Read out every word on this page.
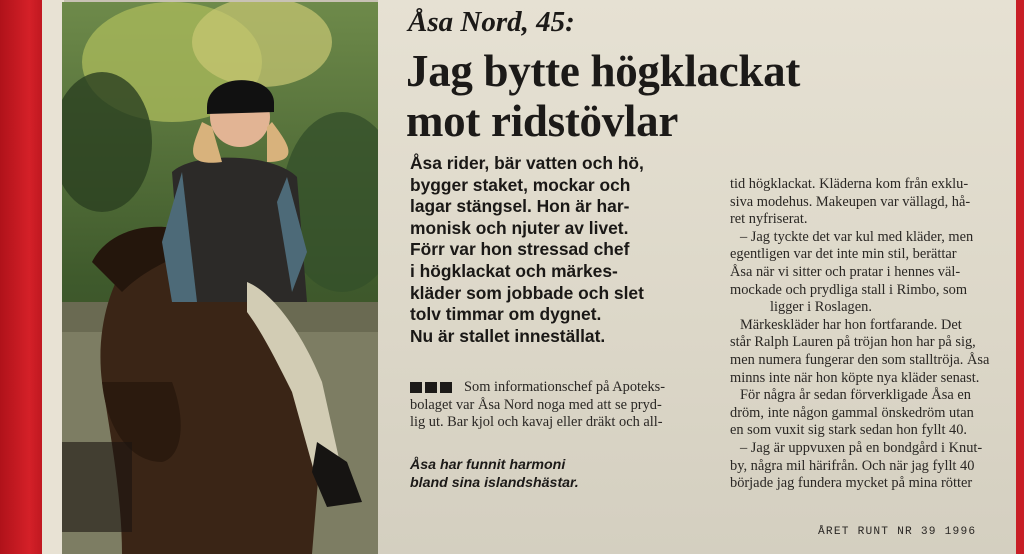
Åsa Nord, 45:
Jag bytte högklackat
mot ridstövlar
Åsa rider, bär vatten och hö,
bygger staket, mockar och
lagar stängsel. Hon är har-
monisk och njuter av livet.
Förr var hon stressad chef
i högklackat och märkes-
kläder som jobbade och slet
tolv timmar om dygnet.
Nu är stallet inneställat.
Som informationschef på Apoteks-
bolaget var Åsa Nord noga med att se pryd-
lig ut. Bar kjol och kavaj eller dräkt och all-
Åsa har funnit harmoni
bland sina islandshästar.
tid högklackat. Kläderna kom från exklu-
siva modehus. Makeupen var vällagd, hå-
ret nyfriserat.
– Jag tyckte det var kul med kläder, men
egentligen var det inte min stil, berättar
Åsa när vi sitter och pratar i hennes väl-
mockade och prydliga stall i Rimbo, som
ligger i Roslagen.
Märkeskläder har hon fortfarande. Det
står Ralph Lauren på tröjan hon har på sig,
men numera fungerar den som stalltröja. Åsa
minns inte när hon köpte nya kläder senast.
För några år sedan förverkligade Åsa en
dröm, inte någon gammal önskedröm utan
en som vuxit sig stark sedan hon fyllt 40.
– Jag är uppvuxen på en bondgård i Knut-
by, några mil härifrån. Och när jag fyllt 40
började jag fundera mycket på mina rötter
ÅRET RUNT NR 39 1996
